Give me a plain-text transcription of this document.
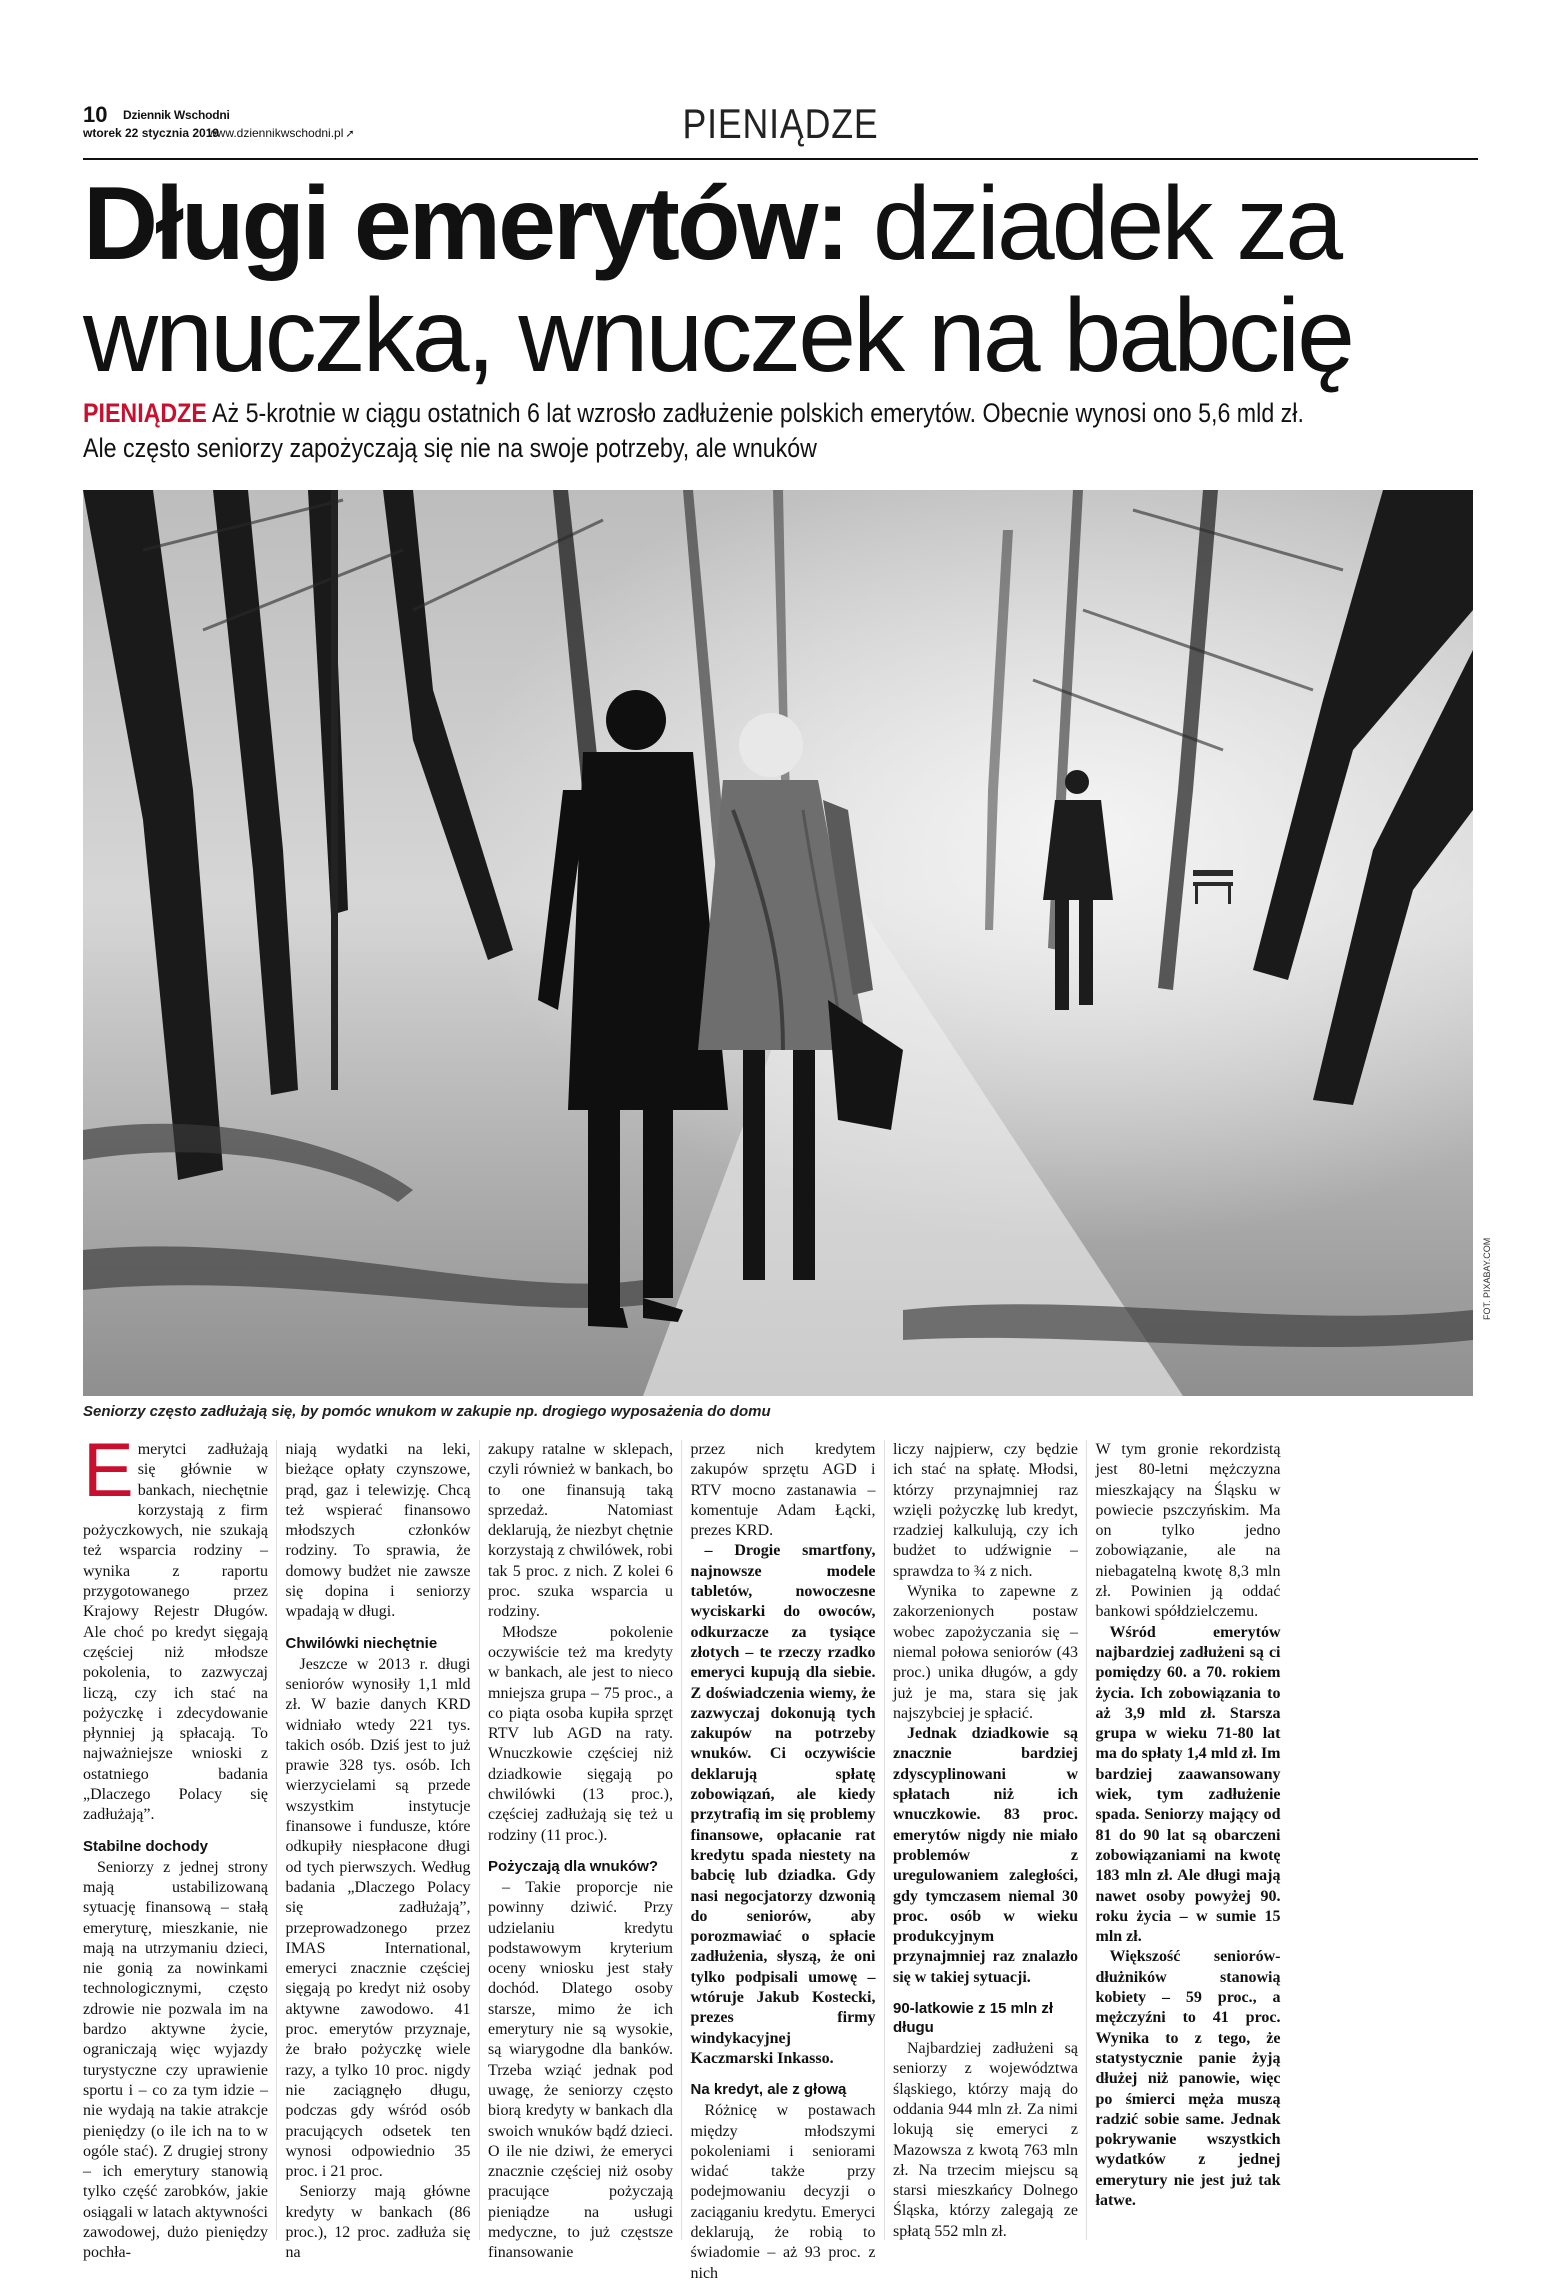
10 Dziennik Wschodni
wtorek 22 stycznia 2019
www.dziennikwschodni.pl ➚	PIENIĄDZE
Długi emerytów: dziadek za
wnuczka, wnuczek na babcię
PIENIĄDZE Aż 5-krotnie w ciągu ostatnich 6 lat wzrosło zadłużenie polskich emerytów. Obecnie wynosi ono 5,6 mld zł.
Ale często seniorzy zapożyczają się nie na swoje potrzeby, ale wnuków
FOT. PIXABAY.COM
Seniorzy często zadłużają się, by pomóc wnukom w zakupie np. drogiego wyposażenia do domu
E merytci zadłużają się głównie w bankach, niechętnie korzystają z firm pożyczkowych, nie szukają też wsparcia rodziny – wynika z raportu przygotowanego przez Krajowy Rejestr Długów. Ale choć po kredyt sięgają częściej niż młodsze pokolenia, to zazwyczaj liczą, czy ich stać na pożyczkę i zdecydowanie płynniej ją spłacają. To najważniejsze wnioski z ostatniego badania „Dlaczego Polacy się zadłużają”.

Stabilne dochody

Seniorzy z jednej strony mają ustabilizowaną sytuację finansową – stałą emeryturę, mieszkanie, nie mają na utrzymaniu dzieci, nie gonią za nowinkami technologicznymi, często zdrowie nie pozwala im na bardzo aktywne życie, ograniczają więc wyjazdy turystyczne czy uprawienie sportu i – co za tym idzie – nie wydają na takie atrakcje pieniędzy (o ile ich na to w ogóle stać). Z drugiej strony – ich emerytury stanowią tylko część zarobków, jakie osiągali w latach aktywności zawodowej, dużo pieniędzy pochła-

niają wydatki na leki, bieżące opłaty czynszowe, prąd, gaz i telewizję. Chcą też wspierać finansowo młodszych członków rodziny. To sprawia, że domowy budżet nie zawsze się dopina i seniorzy wpadają w długi.

Chwilówki niechętnie

Jeszcze w 2013 r. długi seniorów wynosiły 1,1 mld zł. W bazie danych KRD widniało wtedy 221 tys. takich osób. Dziś jest to już prawie 328 tys. osób. Ich wierzycielami są przede wszystkim instytucje finansowe i fundusze, które odkupiły niespłacone długi od tych pierwszych. Według badania „Dlaczego Polacy się zadłużają”, przeprowadzonego przez IMAS International, emeryci znacznie częściej sięgają po kredyt niż osoby aktywne zawodowo. 41 proc. emerytów przyznaje, że brało pożyczkę wiele razy, a tylko 10 proc. nigdy nie zaciągnęło długu, podczas gdy wśród osób pracujących odsetek ten wynosi odpowiednio 35 proc. i 21 proc.

Seniorzy mają główne kredyty w bankach (86 proc.), 12 proc. zadłuża się na

zakupy ratalne w sklepach, czyli również w bankach, bo to one finansują taką sprzedaż. Natomiast deklarują, że niezbyt chętnie korzystają z chwilówek, robi tak 5 proc. z nich. Z kolei 6 proc. szuka wsparcia u rodziny.

Młodsze pokolenie oczywiście też ma kredyty w bankach, ale jest to nieco mniejsza grupa – 75 proc., a co piąta osoba kupiła sprzęt RTV lub AGD na raty. Wnuczkowie częściej niż dziadkowie sięgają po chwilówki (13 proc.), częściej zadłużają się też u rodziny (11 proc.).

Pożyczają dla wnuków?

– Takie proporcje nie powinny dziwić. Przy udzielaniu kredytu podstawowym kryterium oceny wniosku jest stały dochód. Dlatego osoby starsze, mimo że ich emerytury nie są wysokie, są wiarygodne dla banków. Trzeba wziąć jednak pod uwagę, że seniorzy często biorą kredyty w bankach dla swoich wnuków bądź dzieci. O ile nie dziwi, że emeryci znacznie częściej niż osoby pracujące pożyczają pieniądze na usługi medyczne, to już częstsze finansowanie

przez nich kredytem zakupów sprzętu AGD i RTV mocno zastanawia – komentuje Adam Łącki, prezes KRD.

– Drogie smartfony, najnowsze modele tabletów, nowoczesne wyciskarki do owoców, odkurzacze za tysiące złotych – te rzeczy rzadko emeryci kupują dla siebie. Z doświadczenia wiemy, że zazwyczaj dokonują tych zakupów na potrzeby wnuków. Ci oczywiście deklarują spłatę zobowiązań, ale kiedy przytrafią im się problemy finansowe, opłacanie rat kredytu spada niestety na babcię lub dziadka. Gdy nasi negocjatorzy dzwonią do seniorów, aby porozmawiać o spłacie zadłużenia, słyszą, że oni tylko podpisali umowę – wtóruje Jakub Kostecki, prezes firmy windykacyjnej Kaczmarski Inkasso.

Na kredyt, ale z głową

Różnicę w postawach między młodszymi pokoleniami i seniorami widać także przy podejmowaniu decyzji o zaciąganiu kredytu. Emeryci deklarują, że robią to świadomie – aż 93 proc. z nich

liczy najpierw, czy będzie ich stać na spłatę. Młodsi, którzy przynajmniej raz wzięli pożyczkę lub kredyt, rzadziej kalkulują, czy ich budżet to udźwignie – sprawdza to ¾ z nich.

Wynika to zapewne z zakorzenionych postaw wobec zapożyczania się – niemal połowa seniorów (43 proc.) unika długów, a gdy już je ma, stara się jak najszybciej je spłacić.

Jednak dziadkowie są znacznie bardziej zdyscyplinowani w spłatach niż ich wnuczkowie. 83 proc. emerytów nigdy nie miało problemów z uregulowaniem zaległości, gdy tymczasem niemal 30 proc. osób w wieku produkcyjnym przynajmniej raz znalazło się w takiej sytuacji.

90-latkowie z 15 mln zł długu

Najbardziej zadłużeni są seniorzy z województwa śląskiego, którzy mają do oddania 944 mln zł. Za nimi lokują się emeryci z Mazowsza z kwotą 763 mln zł. Na trzecim miejscu są starsi mieszkańcy Dolnego Śląska, którzy zalegają ze spłatą 552 mln zł.

W tym gronie rekordzistą jest 80-letni mężczyzna mieszkający na Śląsku w powiecie pszczyńskim. Ma on tylko jedno zobowiązanie, ale na niebagatelną kwotę 8,3 mln zł. Powinien ją oddać bankowi spółdzielczemu.

Wśród emerytów najbardziej zadłużeni są ci pomiędzy 60. a 70. rokiem życia. Ich zobowiązania to aż 3,9 mld zł. Starsza grupa w wieku 71-80 lat ma do spłaty 1,4 mld zł. Im bardziej zaawansowany wiek, tym zadłużenie spada. Seniorzy mający od 81 do 90 lat są obarczeni zobowiązaniami na kwotę 183 mln zł. Ale długi mają nawet osoby powyżej 90. roku życia – w sumie 15 mln zł.

Większość seniorów-dłużników stanowią kobiety – 59 proc., a mężczyźni to 41 proc. Wynika to z tego, że statystycznie panie żyją dłużej niż panowie, więc po śmierci męża muszą radzić sobie same. Jednak pokrywanie wszystkich wydatków z jednej emerytury nie jest już tak łatwe.
